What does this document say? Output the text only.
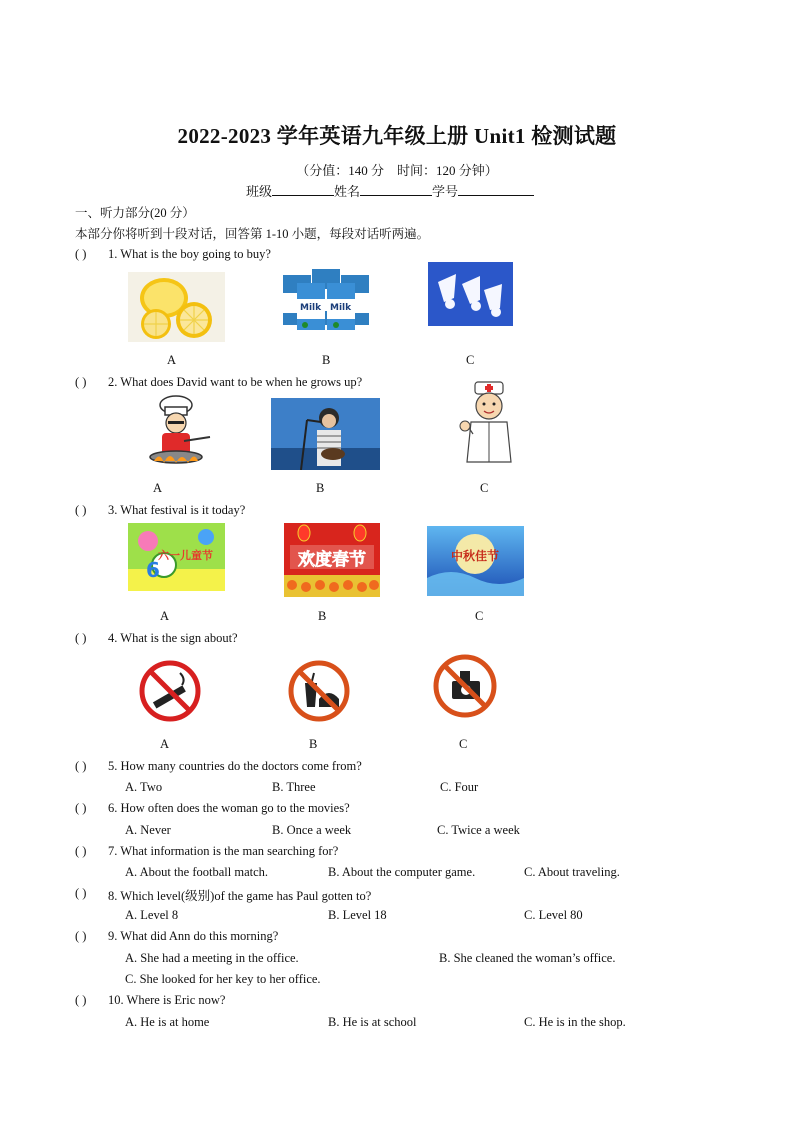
2022-2023 学年英语九年级上册 Unit1 检测试题
（分值：140 分　时间：120 分钟）
班级	姓名	学号
一、听力部分(20 分）
本部分你将听到十段对话，回答第 1-10 小题，每段对话听两遍。
( ) 1. What is the boy going to buy?
Milk Milk
A	B	C
( ) 2. What does David want to be when he grows up?
A	B	C
( ) 3. What festival is it today?
6
六一儿童节	欢度春节	中秋佳节
A	B	C
( ) 4. What is the sign about?
A	B	C
( ) 5. How many countries do the doctors come from?
A. Two	B. Three	C. Four
( ) 6. How often does the woman go to the movies?
A. Never	B. Once a week	C. Twice a week
( ) 7. What information is the man searching for?
A. About the football match.	B. About the computer game.	C. About traveling.
( ) 8. Which level(级别)of the game has Paul gotten to?
A. Level 8	B. Level 18	C. Level 80
( ) 9. What did Ann do this morning?
A. She had a meeting in the office.	B. She cleaned the woman’s office.
C. She looked for her key to her office.
( ) 10. Where is Eric now?
A. He is at home	B. He is at school	C. He is in the shop.
